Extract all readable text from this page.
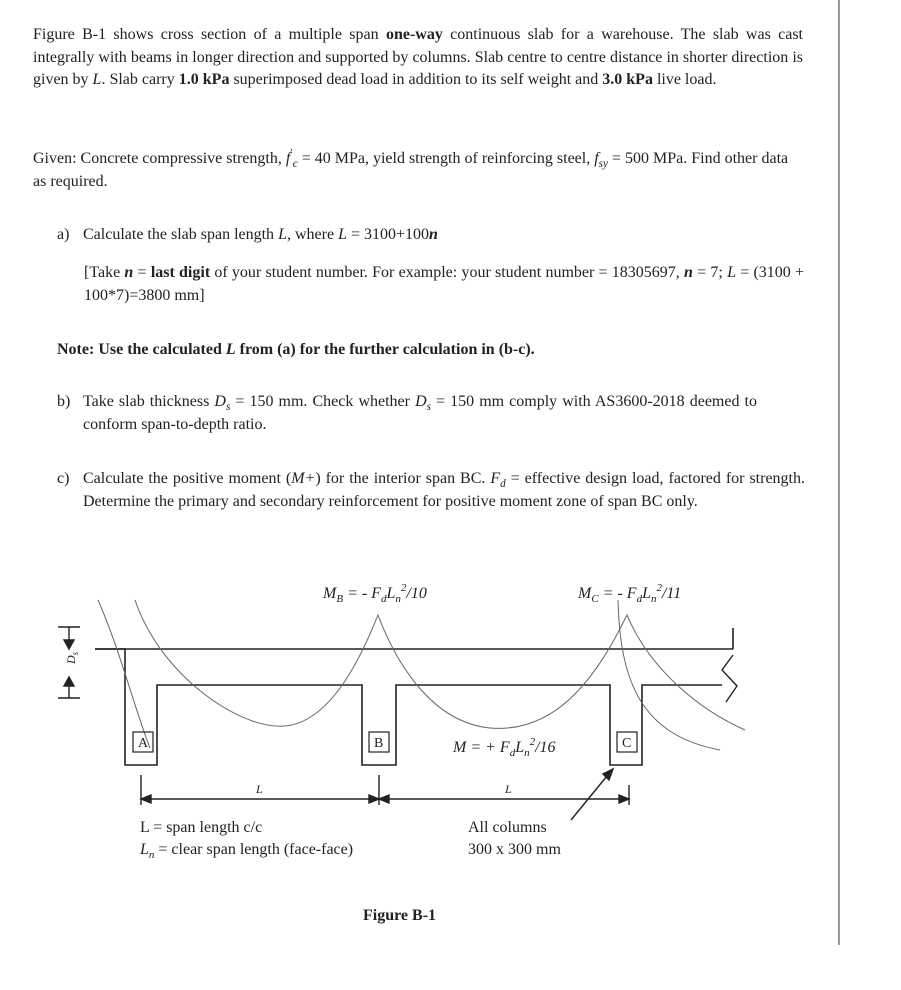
Figure B-1 shows cross section of a multiple span one-way continuous slab for a warehouse. The slab was cast integrally with beams in longer direction and supported by columns. Slab centre to centre distance in shorter direction is given by L. Slab carry 1.0 kPa superimposed dead load in addition to its self weight and 3.0 kPa live load.

Given: Concrete compressive strength, $f'_c = 40$ MPa, yield strength of reinforcing steel, $f_{sy} = 500$ MPa. Find other data as required.

a) Calculate the slab span length L, where L = 3100+100n
[Take n = last digit of your student number. For example: your student number = 18305697, n = 7; L = (3100 + 100*7)=3800 mm]
Note: Use the calculated L from (a) for the further calculation in (b-c).
b) Take slab thickness $D_s = 150$ mm. Check whether $D_s = 150$ mm comply with AS3600-2018 deemed to conform span-to-depth ratio.
c) Calculate the positive moment (M+) for the interior span BC. $F_d$ = effective design load, factored for strength. Determine the primary and secondary reinforcement for positive moment zone of span BC only.
$M_B$ = - $F_dL_n^2/10$	$M_C$ = - $F_dL_n^2/11$
$D_s$
A	B	C
M = + $F_dL_n^2/16$
L	L
L = span length c/c
$L_n$ = clear span length (face-face)
All columns
300 x 300 mm
Figure B-1
